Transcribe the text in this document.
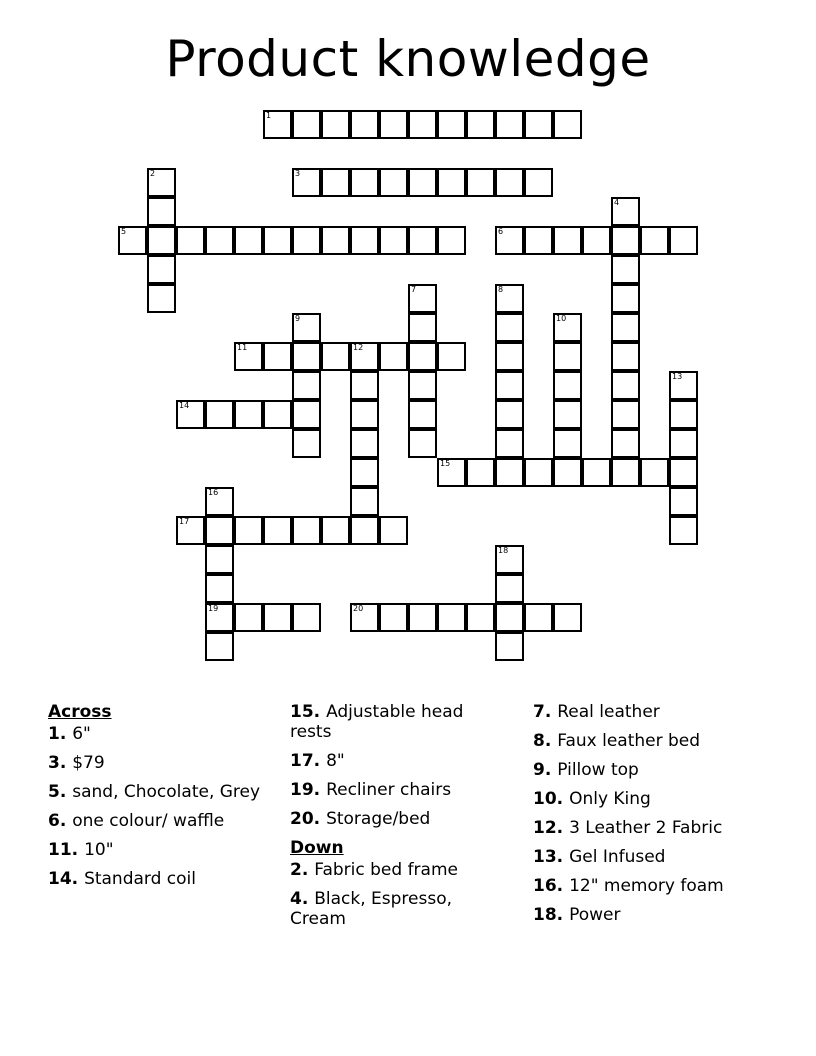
Product knowledge
1
3
5	6
11	12
14
15
17
19	20
2
4
7	8
9	10
13
16
18
Across
1. 6"
3. $79
5. sand, Chocolate, Grey
6. one colour/ waffle
11. 10"
14. Standard coil
15. Adjustable head rests
17. 8"
19. Recliner chairs
20. Storage/bed
Down
2. Fabric bed frame
4. Black, Espresso, Cream
7. Real leather
8. Faux leather bed
9. Pillow top
10. Only King
12. 3 Leather 2 Fabric
13. Gel Infused
16. 12" memory foam
18. Power
